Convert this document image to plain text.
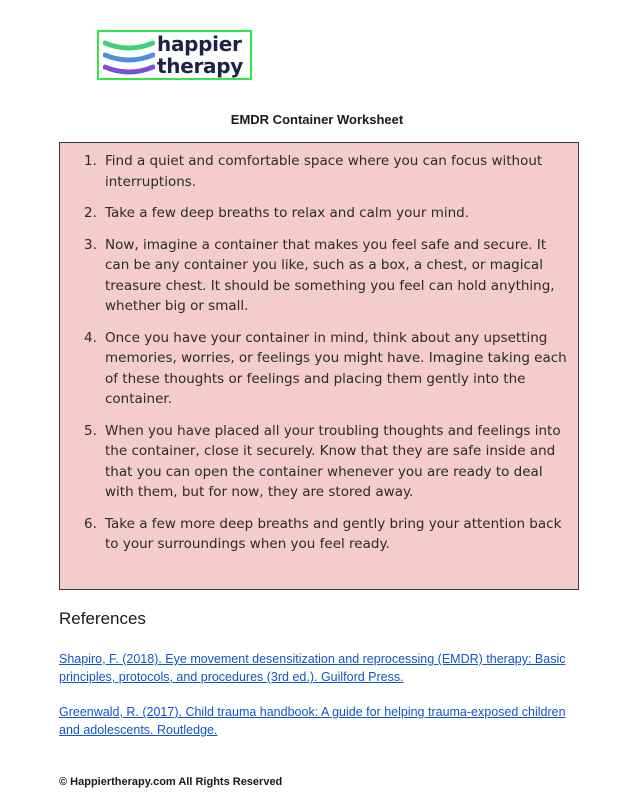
happier
therapy
EMDR Container Worksheet
1. Find a quiet and comfortable space where you can focus without interruptions.
2. Take a few deep breaths to relax and calm your mind.
3. Now, imagine a container that makes you feel safe and secure. It can be any container you like, such as a box, a chest, or magical treasure chest. It should be something you feel can hold anything, whether big or small.
4. Once you have your container in mind, think about any upsetting memories, worries, or feelings you might have. Imagine taking each of these thoughts or feelings and placing them gently into the container.
5. When you have placed all your troubling thoughts and feelings into the container, close it securely. Know that they are safe inside and that you can open the container whenever you are ready to deal with them, but for now, they are stored away.
6. Take a few more deep breaths and gently bring your attention back to your surroundings when you feel ready.
References
Shapiro, F. (2018). Eye movement desensitization and reprocessing (EMDR) therapy: Basic principles, protocols, and procedures (3rd ed.). Guilford Press.
Greenwald, R. (2017). Child trauma handbook: A guide for helping trauma-exposed children and adolescents. Routledge.
© Happiertherapy.com All Rights Reserved
